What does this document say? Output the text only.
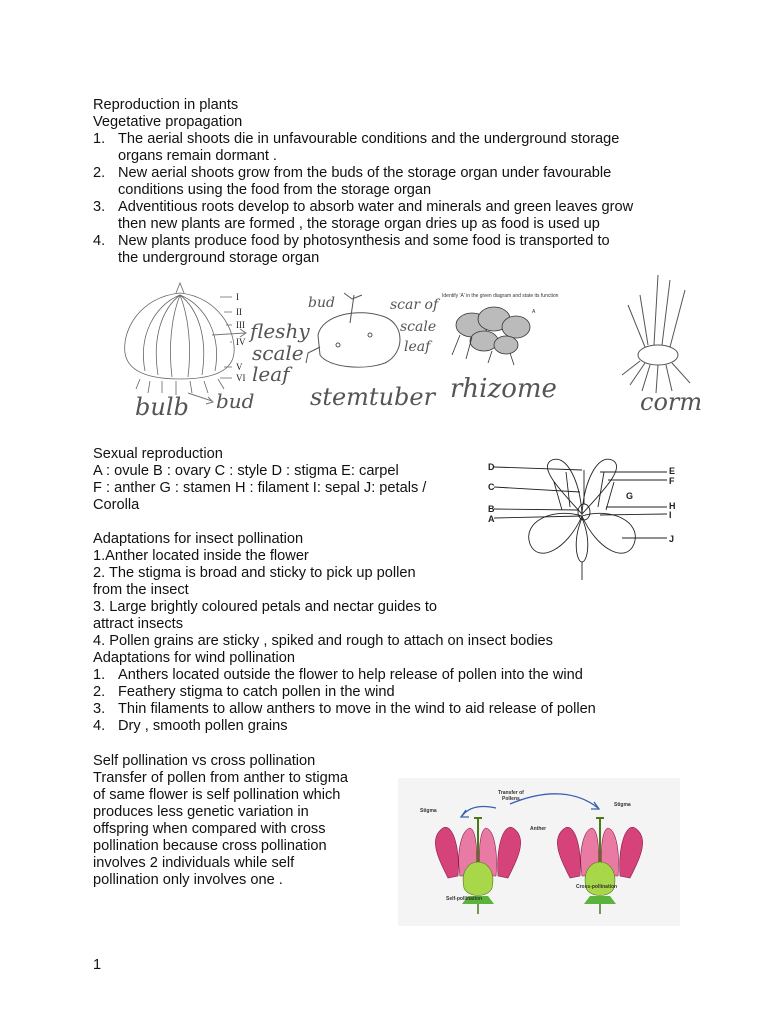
Reproduction in plants
Vegetative propagation
1. The aerial shoots die in unfavourable conditions and the underground storage
organs remain dormant .
2. New aerial shoots grow from the buds of the storage organ under favourable
conditions using the food from the storage organ
3. Adventitious roots develop to absorb water and minerals and green leaves grow
then new plants are formed , the storage organ dries up as food is used up
4. New plants produce food by photosynthesis and some food is transported to
the underground storage organ
I
II
III
IV
V
VI
fleshy
scale
leaf
bulb bud
bud	scar of
scale
leaf
stemtuber
Identify 'A' in the given diagram and state its function
A
rhizome	corm
Sexual reproduction
A : ovule B : ovary C : style D : stigma E: carpel
F : anther G : stamen H : filament I: sepal J: petals /
Corolla
D
C
B
A
E
F
G
H
I
J
Adaptations for insect pollination
1.Anther located inside the flower
2. The stigma is broad and sticky to pick up pollen
from the insect
3. Large brightly coloured petals and nectar guides to
attract insects
4. Pollen grains are sticky , spiked and rough to attach on insect bodies
Adaptations for wind pollination
1. Anthers located outside the flower to help release of pollen into the wind
2. Feathery stigma to catch pollen in the wind
3. Thin filaments to allow anthers to move in the wind to aid release of pollen
4. Dry , smooth pollen grains
Self pollination vs cross pollination
Transfer of pollen from anther to stigma
of same flower is self pollination which
produces less genetic variation in
offspring when compared with cross
pollination because cross pollination
involves 2 individuals while self
pollination only involves one .
Transfer of
Pollens
Stigma
Stigma
Anther
Self-pollination
Cross-pollination
1
